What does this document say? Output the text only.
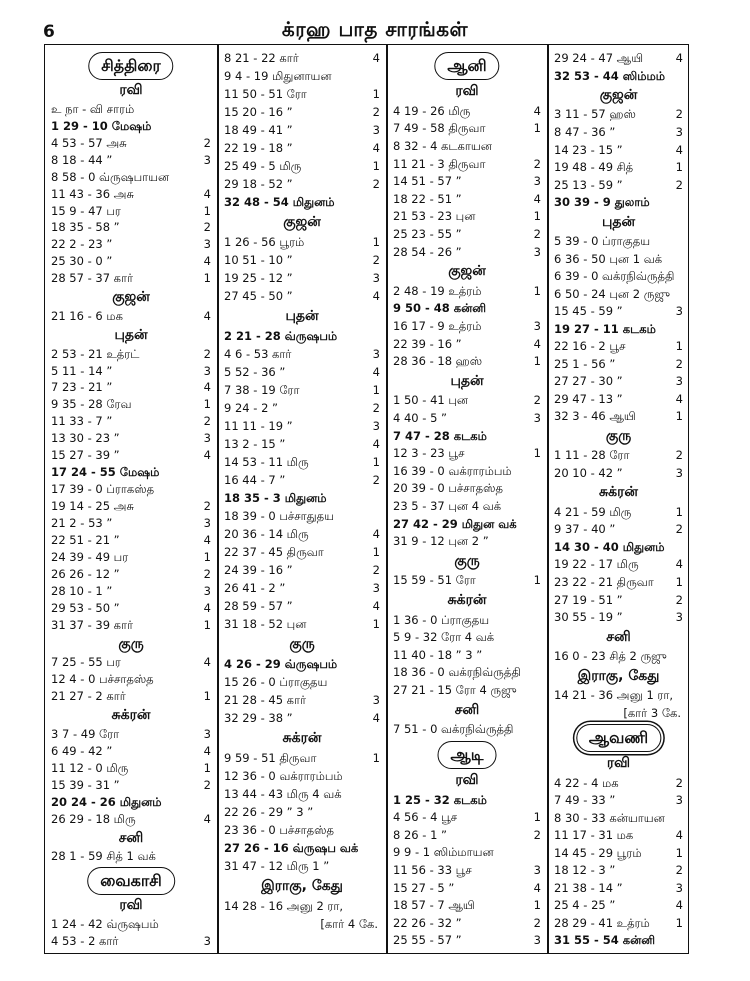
6	க்ரஹ பாத சாரங்கள்
சித்திரை
ரவி
உ நா - வி சாரம்
1 29 - 10 மேஷம்
4 53 - 57 அசு	2
8 18 - 44 ”	3
8 58 - 0 வ்ருஷபாயன
11 43 - 36 அசு	4
15 9 - 47 பர	1
18 35 - 58 ”	2
22 2 - 23 ”	3
25 30 - 0 ”	4
28 57 - 37 கார்	1
குஜன்
21 16 - 6 மக	4
புதன்
2 53 - 21 உத்ரட்	2
5 11 - 14 ”	3
7 23 - 21 ”	4
9 35 - 28 ரேவ	1
11 33 - 7 ”	2
13 30 - 23 ”	3
15 27 - 39 ”	4
17 24 - 55 மேஷம்
17 39 - 0 ப்ராகஸ்த
19 14 - 25 அசு	2
21 2 - 53 ”	3
22 51 - 21 ”	4
24 39 - 49 பர	1
26 26 - 12 ”	2
28 10 - 1 ”	3
29 53 - 50 ”	4
31 37 - 39 கார்	1
குரு
7 25 - 55 பர	4
12 4 - 0 பச்சாதஸ்த
21 27 - 2 கார்	1
சுக்ரன்
3 7 - 49 ரோ	3
6 49 - 42 ”	4
11 12 - 0 மிரு	1
15 39 - 31 ”	2
20 24 - 26 மிதுனம்
26 29 - 18 மிரு	4
சனி
28 1 - 59 சித் 1 வக்
வைகாசி
ரவி
1 24 - 42 வ்ருஷபம்
4 53 - 2 கார்	3
8 21 - 22 கார்	4
9 4 - 19 மிதுனாயன
11 50 - 51 ரோ	1
15 20 - 16 ”	2
18 49 - 41 ”	3
22 19 - 18 ”	4
25 49 - 5 மிரு	1
29 18 - 52 ”	2
32 48 - 54 மிதுனம்
குஜன்
1 26 - 56 பூரம்	1
10 51 - 10 ”	2
19 25 - 12 ”	3
27 45 - 50 ”	4
புதன்
2 21 - 28 வ்ருஷபம்
4 6 - 53 கார்	3
5 52 - 36 ”	4
7 38 - 19 ரோ	1
9 24 - 2 ”	2
11 11 - 19 ”	3
13 2 - 15 ”	4
14 53 - 11 மிரு	1
16 44 - 7 ”	2
18 35 - 3 மிதுனம்
18 39 - 0 பச்சாதுதய
20 36 - 14 மிரு	4
22 37 - 45 திருவா	1
24 39 - 16 ”	2
26 41 - 2 ”	3
28 59 - 57 ”	4
31 18 - 52 புன	1
குரு
4 26 - 29 வ்ருஷபம்
15 26 - 0 ப்ராகுதய
21 28 - 45 கார்	3
32 29 - 38 ”	4
சுக்ரன்
9 59 - 51 திருவா	1
12 36 - 0 வக்ராரம்பம்
13 44 - 43 மிரு 4 வக்
22 26 - 29 ” 3 ”
23 36 - 0 பச்சாதஸ்த
27 26 - 16 வ்ருஷப வக்
31 47 - 12 மிரு 1 ”
இராகு, கேது
14 28 - 16 அனு 2 ரா,
[கார் 4 கே.
ஆனி
ரவி
4 19 - 26 மிரு	4
7 49 - 58 திருவா	1
8 32 - 4 கடகாயன
11 21 - 3 திருவா	2
14 51 - 57 ”	3
18 22 - 51 ”	4
21 53 - 23 புன	1
25 23 - 55 ”	2
28 54 - 26 ”	3
குஜன்
2 48 - 19 உத்ரம்	1
9 50 - 48 கன்னி
16 17 - 9 உத்ரம்	3
22 39 - 16 ”	4
28 36 - 18 ஹஸ்	1
புதன்
1 50 - 41 புன	2
4 40 - 5 ”	3
7 47 - 28 கடகம்
12 3 - 23 பூச	1
16 39 - 0 வக்ராரம்பம்
20 39 - 0 பச்சாதஸ்த
23 5 - 37 புன 4 வக்
27 42 - 29 மிதுன வக்
31 9 - 12 புன 2 ”
குரு
15 59 - 51 ரோ	1
சுக்ரன்
1 36 - 0 ப்ராகுதய
5 9 - 32 ரோ 4 வக்
11 40 - 18 ” 3 ”
18 36 - 0 வக்ரநிவ்ருத்தி
27 21 - 15 ரோ 4 ருஜு
சனி
7 51 - 0 வக்ரநிவ்ருத்தி
ஆடி
ரவி
1 25 - 32 கடகம்
4 56 - 4 பூச	1
8 26 - 1 ”	2
9 9 - 1 ஸிம்மாயன
11 56 - 33 பூச	3
15 27 - 5 ”	4
18 57 - 7 ஆயி	1
22 26 - 32 ”	2
25 55 - 57 ”	3
29 24 - 47 ஆயி	4
32 53 - 44 ஸிம்மம்
குஜன்
3 11 - 57 ஹஸ்	2
8 47 - 36 ”	3
14 23 - 15 ”	4
19 48 - 49 சித்	1
25 13 - 59 ”	2
30 39 - 9 துலாம்
புதன்
5 39 - 0 ப்ராகுதய
6 36 - 50 புன 1 வக்
6 39 - 0 வக்ரநிவ்ருத்தி
6 50 - 24 புன 2 ருஜு
15 45 - 59 ”	3
19 27 - 11 கடகம்
22 16 - 2 பூச	1
25 1 - 56 ”	2
27 27 - 30 ”	3
29 47 - 13 ”	4
32 3 - 46 ஆயி	1
குரு
1 11 - 28 ரோ	2
20 10 - 42 ”	3
சுக்ரன்
4 21 - 59 மிரு	1
9 37 - 40 ”	2
14 30 - 40 மிதுனம்
19 22 - 17 மிரு	4
23 22 - 21 திருவா 1
27 19 - 51 ”	2
30 55 - 19 ”	3
சனி
16 0 - 23 சித் 2 ருஜு
இராகு, கேது
14 21 - 36 அனு 1 ரா,
[கார் 3 கே.
ஆவணி
ரவி
4 22 - 4 மக	2
7 49 - 33 ”	3
8 30 - 33 கன்யாயன
11 17 - 31 மக	4
14 45 - 29 பூரம்	1
18 12 - 3 ”	2
21 38 - 14 ”	3
25 4 - 25 ”	4
28 29 - 41 உத்ரம் 1
31 55 - 54 கன்னி
